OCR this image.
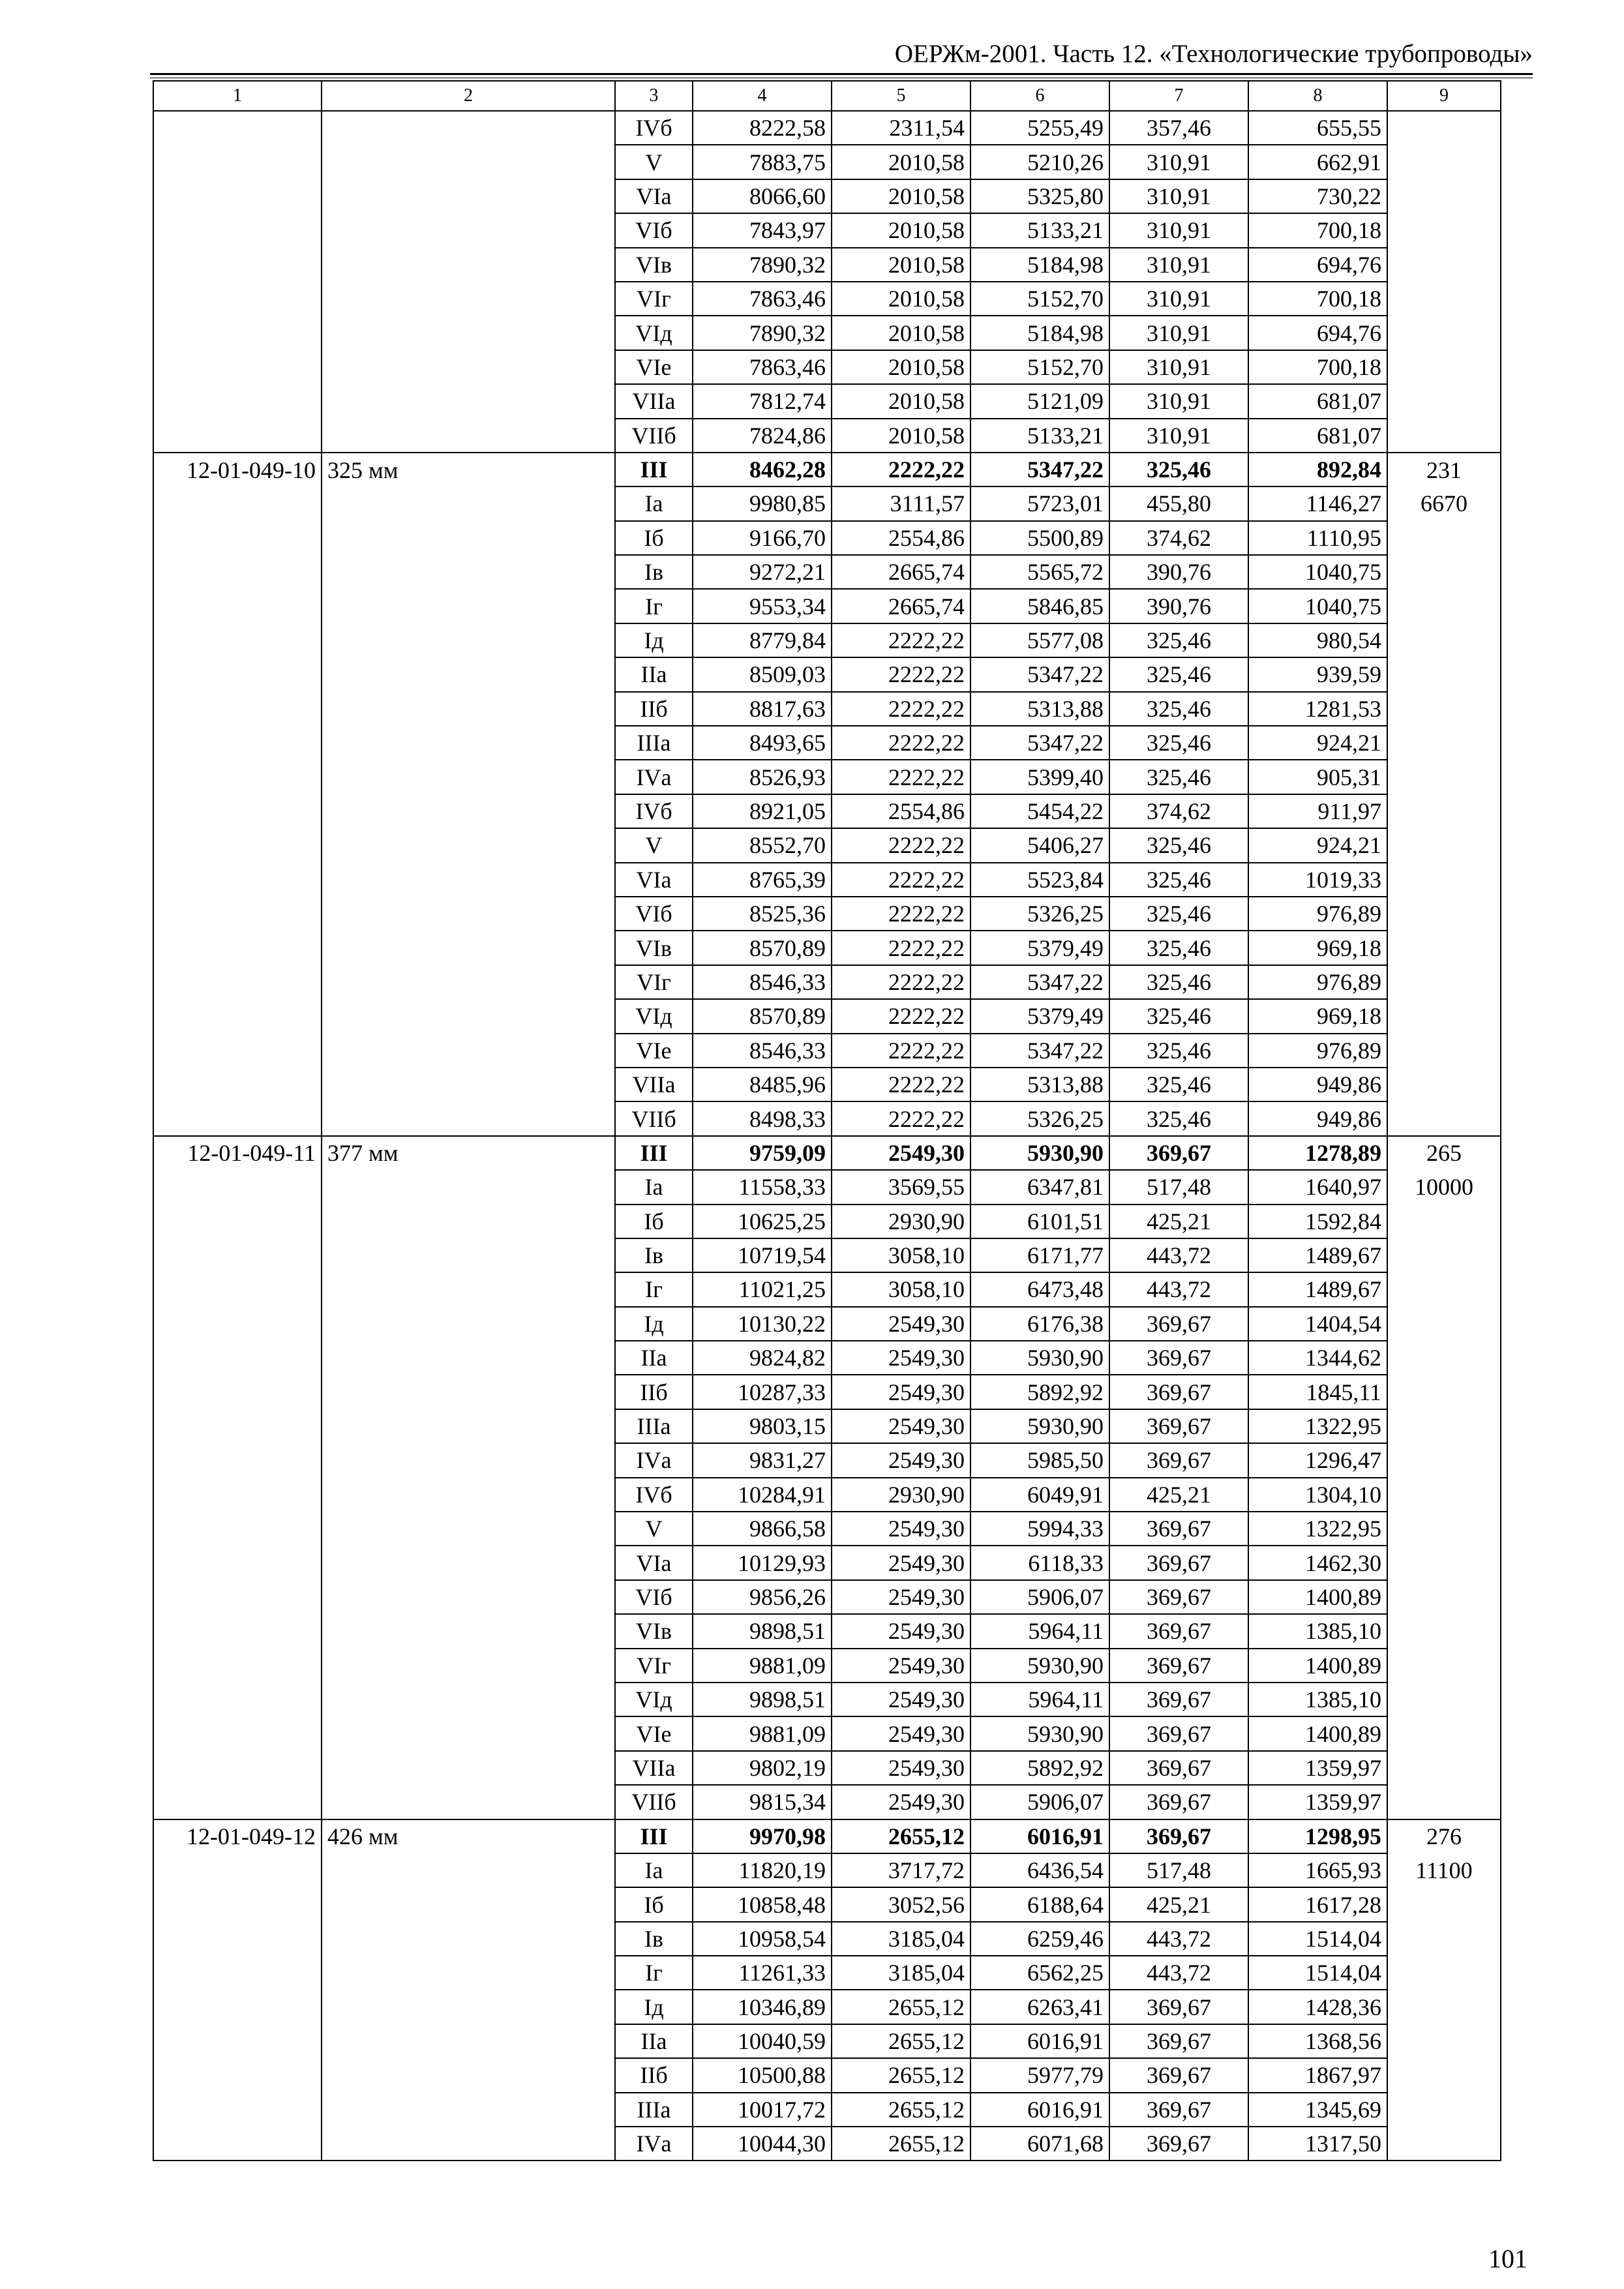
ОЕРЖм-2001. Часть 12. «Технологические трубопроводы»
1	2	3	4	5	6	7	8	9
		IVб	8222,58	2311,54	5255,49	357,46	655,55	
		V	7883,75	2010,58	5210,26	310,91	662,91	
		VIа	8066,60	2010,58	5325,80	310,91	730,22	
		VIб	7843,97	2010,58	5133,21	310,91	700,18	
		VIв	7890,32	2010,58	5184,98	310,91	694,76	
		VIг	7863,46	2010,58	5152,70	310,91	700,18	
		VIд	7890,32	2010,58	5184,98	310,91	694,76	
		VIе	7863,46	2010,58	5152,70	310,91	700,18	
		VIIа	7812,74	2010,58	5121,09	310,91	681,07	
		VIIб	7824,86	2010,58	5133,21	310,91	681,07	
12-01-049-10	325 мм	III	8462,28	2222,22	5347,22	325,46	892,84	231
		Iа	9980,85	3111,57	5723,01	455,80	1146,27	6670
		Iб	9166,70	2554,86	5500,89	374,62	1110,95	
		Iв	9272,21	2665,74	5565,72	390,76	1040,75	
		Iг	9553,34	2665,74	5846,85	390,76	1040,75	
		Iд	8779,84	2222,22	5577,08	325,46	980,54	
		IIа	8509,03	2222,22	5347,22	325,46	939,59	
		IIб	8817,63	2222,22	5313,88	325,46	1281,53	
		IIIа	8493,65	2222,22	5347,22	325,46	924,21	
		IVа	8526,93	2222,22	5399,40	325,46	905,31	
		IVб	8921,05	2554,86	5454,22	374,62	911,97	
		V	8552,70	2222,22	5406,27	325,46	924,21	
		VIа	8765,39	2222,22	5523,84	325,46	1019,33	
		VIб	8525,36	2222,22	5326,25	325,46	976,89	
		VIв	8570,89	2222,22	5379,49	325,46	969,18	
		VIг	8546,33	2222,22	5347,22	325,46	976,89	
		VIд	8570,89	2222,22	5379,49	325,46	969,18	
		VIе	8546,33	2222,22	5347,22	325,46	976,89	
		VIIа	8485,96	2222,22	5313,88	325,46	949,86	
		VIIб	8498,33	2222,22	5326,25	325,46	949,86	
12-01-049-11	377 мм	III	9759,09	2549,30	5930,90	369,67	1278,89	265
		Iа	11558,33	3569,55	6347,81	517,48	1640,97	10000
		Iб	10625,25	2930,90	6101,51	425,21	1592,84	
		Iв	10719,54	3058,10	6171,77	443,72	1489,67	
		Iг	11021,25	3058,10	6473,48	443,72	1489,67	
		Iд	10130,22	2549,30	6176,38	369,67	1404,54	
		IIа	9824,82	2549,30	5930,90	369,67	1344,62	
		IIб	10287,33	2549,30	5892,92	369,67	1845,11	
		IIIа	9803,15	2549,30	5930,90	369,67	1322,95	
		IVа	9831,27	2549,30	5985,50	369,67	1296,47	
		IVб	10284,91	2930,90	6049,91	425,21	1304,10	
		V	9866,58	2549,30	5994,33	369,67	1322,95	
		VIа	10129,93	2549,30	6118,33	369,67	1462,30	
		VIб	9856,26	2549,30	5906,07	369,67	1400,89	
		VIв	9898,51	2549,30	5964,11	369,67	1385,10	
		VIг	9881,09	2549,30	5930,90	369,67	1400,89	
		VIд	9898,51	2549,30	5964,11	369,67	1385,10	
		VIе	9881,09	2549,30	5930,90	369,67	1400,89	
		VIIа	9802,19	2549,30	5892,92	369,67	1359,97	
		VIIб	9815,34	2549,30	5906,07	369,67	1359,97	
12-01-049-12	426 мм	III	9970,98	2655,12	6016,91	369,67	1298,95	276
		Iа	11820,19	3717,72	6436,54	517,48	1665,93	11100
		Iб	10858,48	3052,56	6188,64	425,21	1617,28	
		Iв	10958,54	3185,04	6259,46	443,72	1514,04	
		Iг	11261,33	3185,04	6562,25	443,72	1514,04	
		Iд	10346,89	2655,12	6263,41	369,67	1428,36	
		IIа	10040,59	2655,12	6016,91	369,67	1368,56	
		IIб	10500,88	2655,12	5977,79	369,67	1867,97	
		IIIа	10017,72	2655,12	6016,91	369,67	1345,69	
		IVа	10044,30	2655,12	6071,68	369,67	1317,50	
101
